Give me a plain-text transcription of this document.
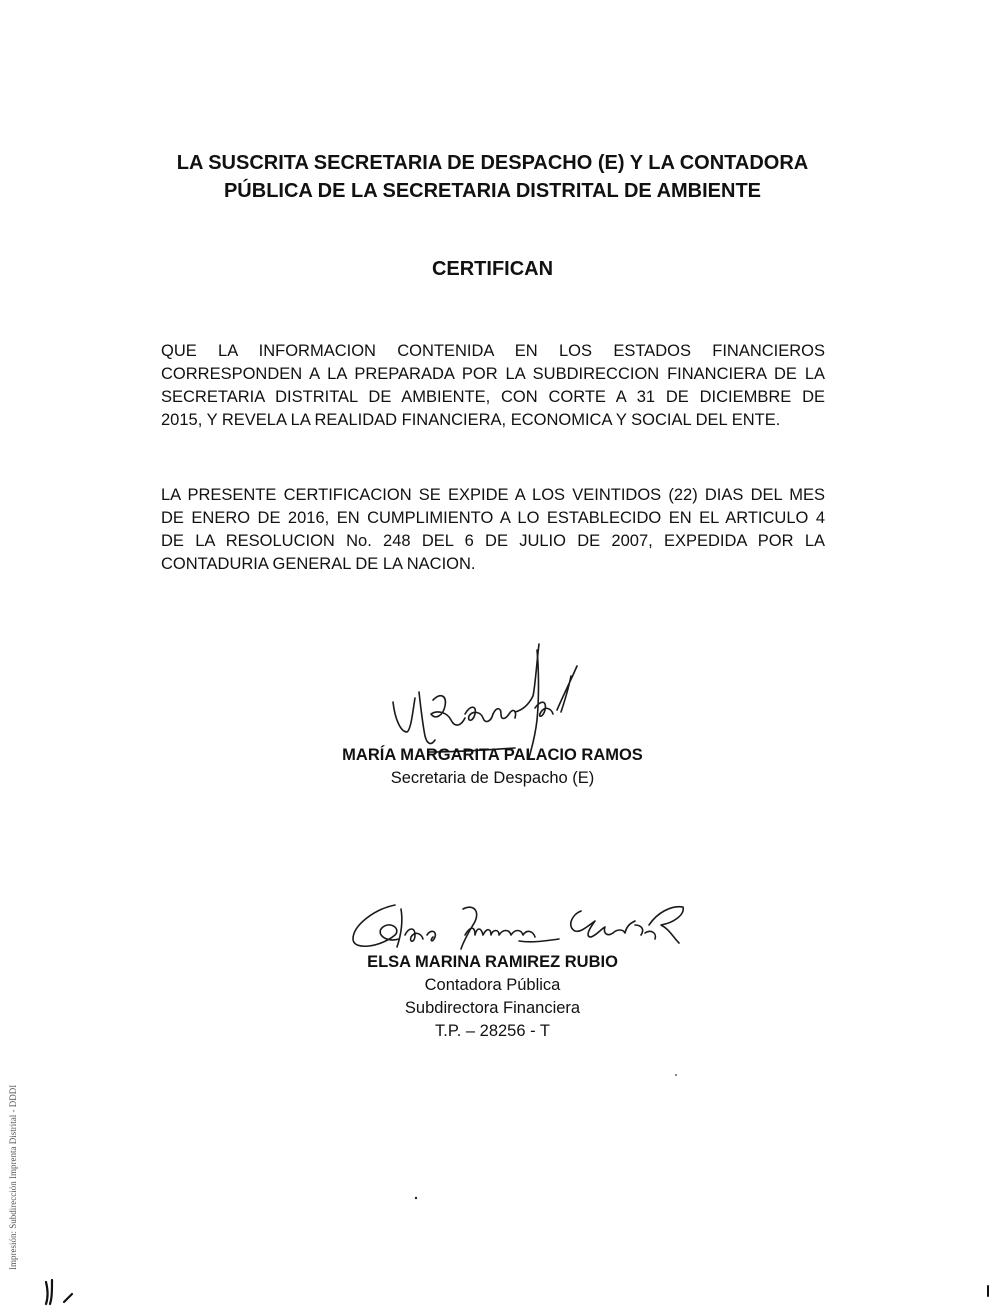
LA SUSCRITA SECRETARIA DE DESPACHO (E) Y LA CONTADORA
PÚBLICA DE LA SECRETARIA DISTRITAL DE AMBIENTE
CERTIFICAN

QUE LA INFORMACION CONTENIDA EN LOS ESTADOS FINANCIEROS
CORRESPONDEN A LA PREPARADA POR LA SUBDIRECCION FINANCIERA DE LA
SECRETARIA DISTRITAL DE AMBIENTE, CON CORTE A 31 DE DICIEMBRE DE
2015, Y REVELA LA REALIDAD FINANCIERA, ECONOMICA Y SOCIAL DEL ENTE.

LA PRESENTE CERTIFICACION SE EXPIDE A LOS VEINTIDOS (22) DIAS DEL MES
DE ENERO DE 2016, EN CUMPLIMIENTO A LO ESTABLECIDO EN EL ARTICULO 4
DE LA RESOLUCION No. 248 DEL 6 DE JULIO DE 2007, EXPEDIDA POR LA
CONTADURIA GENERAL DE LA NACION.

MARÍA MARGARITA PALACIO RAMOS
Secretaria de Despacho (E)
ELSA MARINA RAMIREZ RUBIO
Contadora Pública
Subdirectora Financiera
T.P. – 28256 - T
Impresión: Subdirección Imprenta Distrital - DDDI
